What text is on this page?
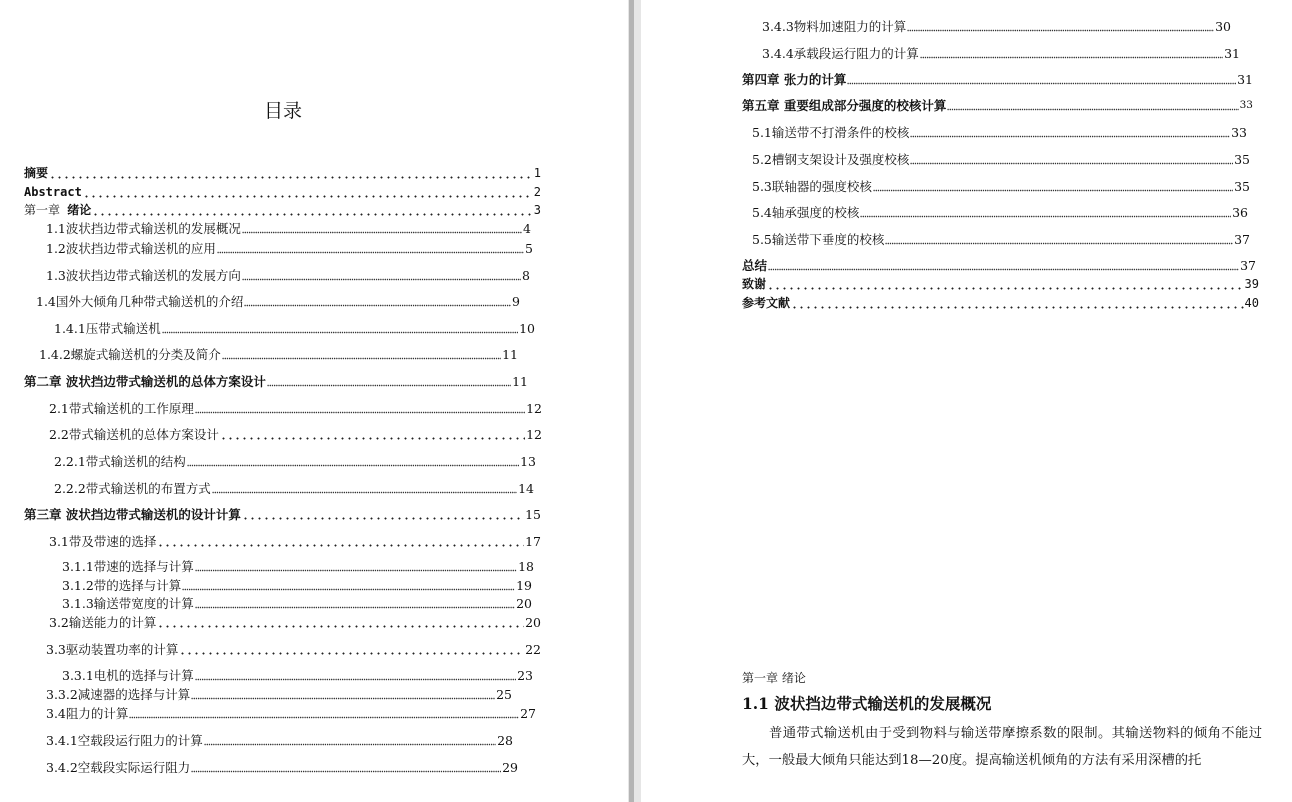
目录
摘要	1
Abstract	2
第一章 绪论	3
1.1波状挡边带式输送机的发展概况	4
1.2波状挡边带式输送机的应用	5
1.3波状挡边带式输送机的发展方向	8
1.4国外大倾角几种带式输送机的介绍	9
1.4.1压带式输送机	10
1.4.2螺旋式输送机的分类及简介	11
第二章 波状挡边带式输送机的总体方案设计	11
2.1带式输送机的工作原理	12
2.2带式输送机的总体方案设计	12
2.2.1带式输送机的结构	13
2.2.2带式输送机的布置方式	14
第三章 波状挡边带式输送机的设计计算	15
3.1带及带速的选择	17
3.1.1带速的选择与计算	18
3.1.2带的选择与计算	19
3.1.3输送带宽度的计算	20
3.2输送能力的计算	20
3.3驱动装置功率的计算	22
3.3.1电机的选择与计算	23
3.3.2减速器的选择与计算	25
3.4阻力的计算	27
3.4.1空载段运行阻力的计算	28
3.4.2空载段实际运行阻力	29
3.4.3物料加速阻力的计算	30
3.4.4承载段运行阻力的计算	31
第四章 张力的计算	31
第五章 重要组成部分强度的校核计算	33
5.1输送带不打滑条件的校核	33
5.2槽钢支架设计及强度校核	35
5.3联轴器的强度校核	35
5.4轴承强度的校核	36
5.5输送带下垂度的校核	37
总结	37
致谢	39
参考文献	40
第一章 绪论
1.1 波状挡边带式输送机的发展概况
普通带式输送机由于受到物料与输送带摩擦系数的限制。其输送物料的倾角不能过大，一般最大倾角只能达到18—20度。提高输送机倾角的方法有采用深槽的托
